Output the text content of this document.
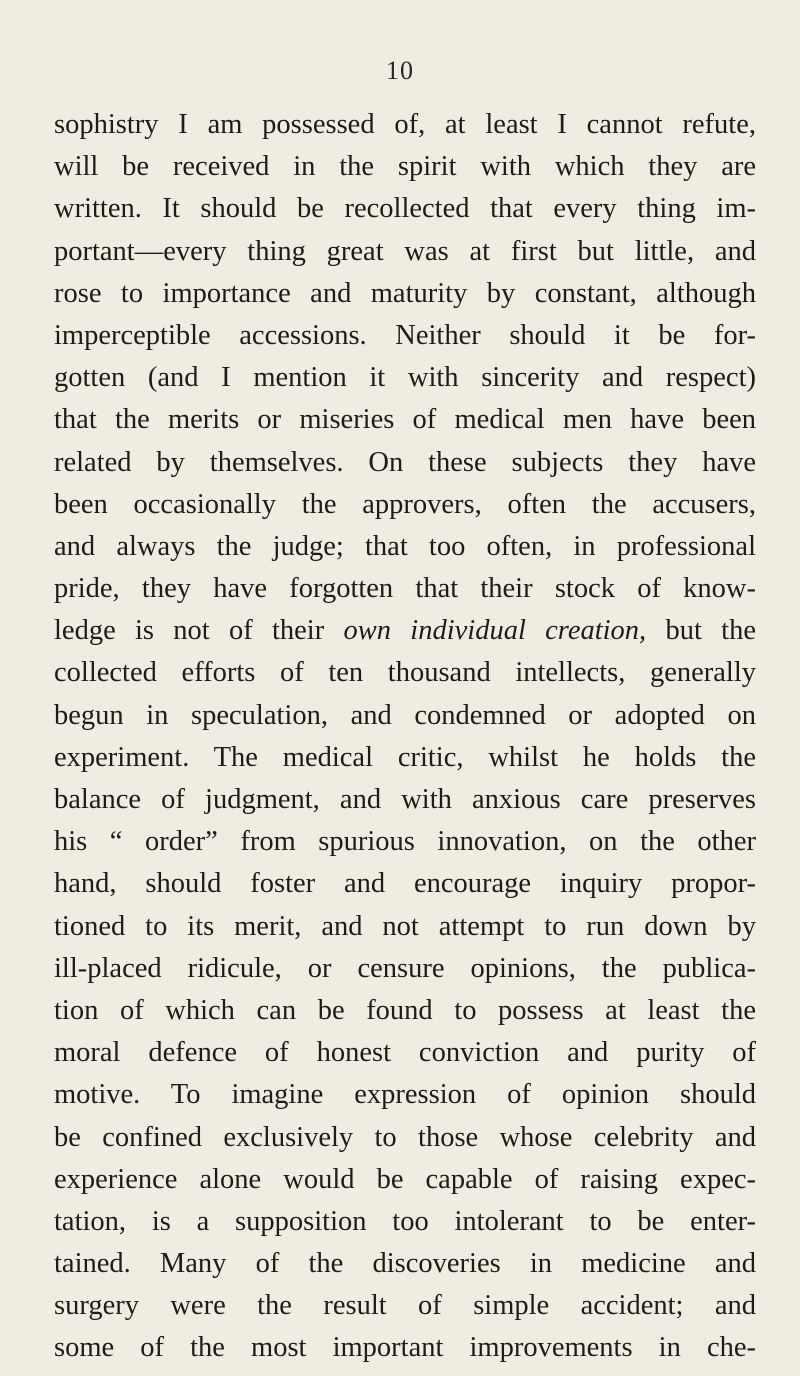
10
sophistry I am possessed of, at least I cannot refute,
will be received in the spirit with which they are
written. It should be recollected that every thing im-
portant—every thing great was at first but little, and
rose to importance and maturity by constant, although
imperceptible accessions. Neither should it be for-
gotten (and I mention it with sincerity and respect)
that the merits or miseries of medical men have been
related by themselves. On these subjects they have
been occasionally the approvers, often the accusers,
and always the judge; that too often, in professional
pride, they have forgotten that their stock of know-
ledge is not of their own individual creation, but the
collected efforts of ten thousand intellects, generally
begun in speculation, and condemned or adopted on
experiment. The medical critic, whilst he holds the
balance of judgment, and with anxious care preserves
his “ order” from spurious innovation, on the other
hand, should foster and encourage inquiry propor-
tioned to its merit, and not attempt to run down by
ill-placed ridicule, or censure opinions, the publica-
tion of which can be found to possess at least the
moral defence of honest conviction and purity of
motive. To imagine expression of opinion should
be confined exclusively to those whose celebrity and
experience alone would be capable of raising expec-
tation, is a supposition too intolerant to be enter-
tained. Many of the discoveries in medicine and
surgery were the result of simple accident; and
some of the most important improvements in che-
